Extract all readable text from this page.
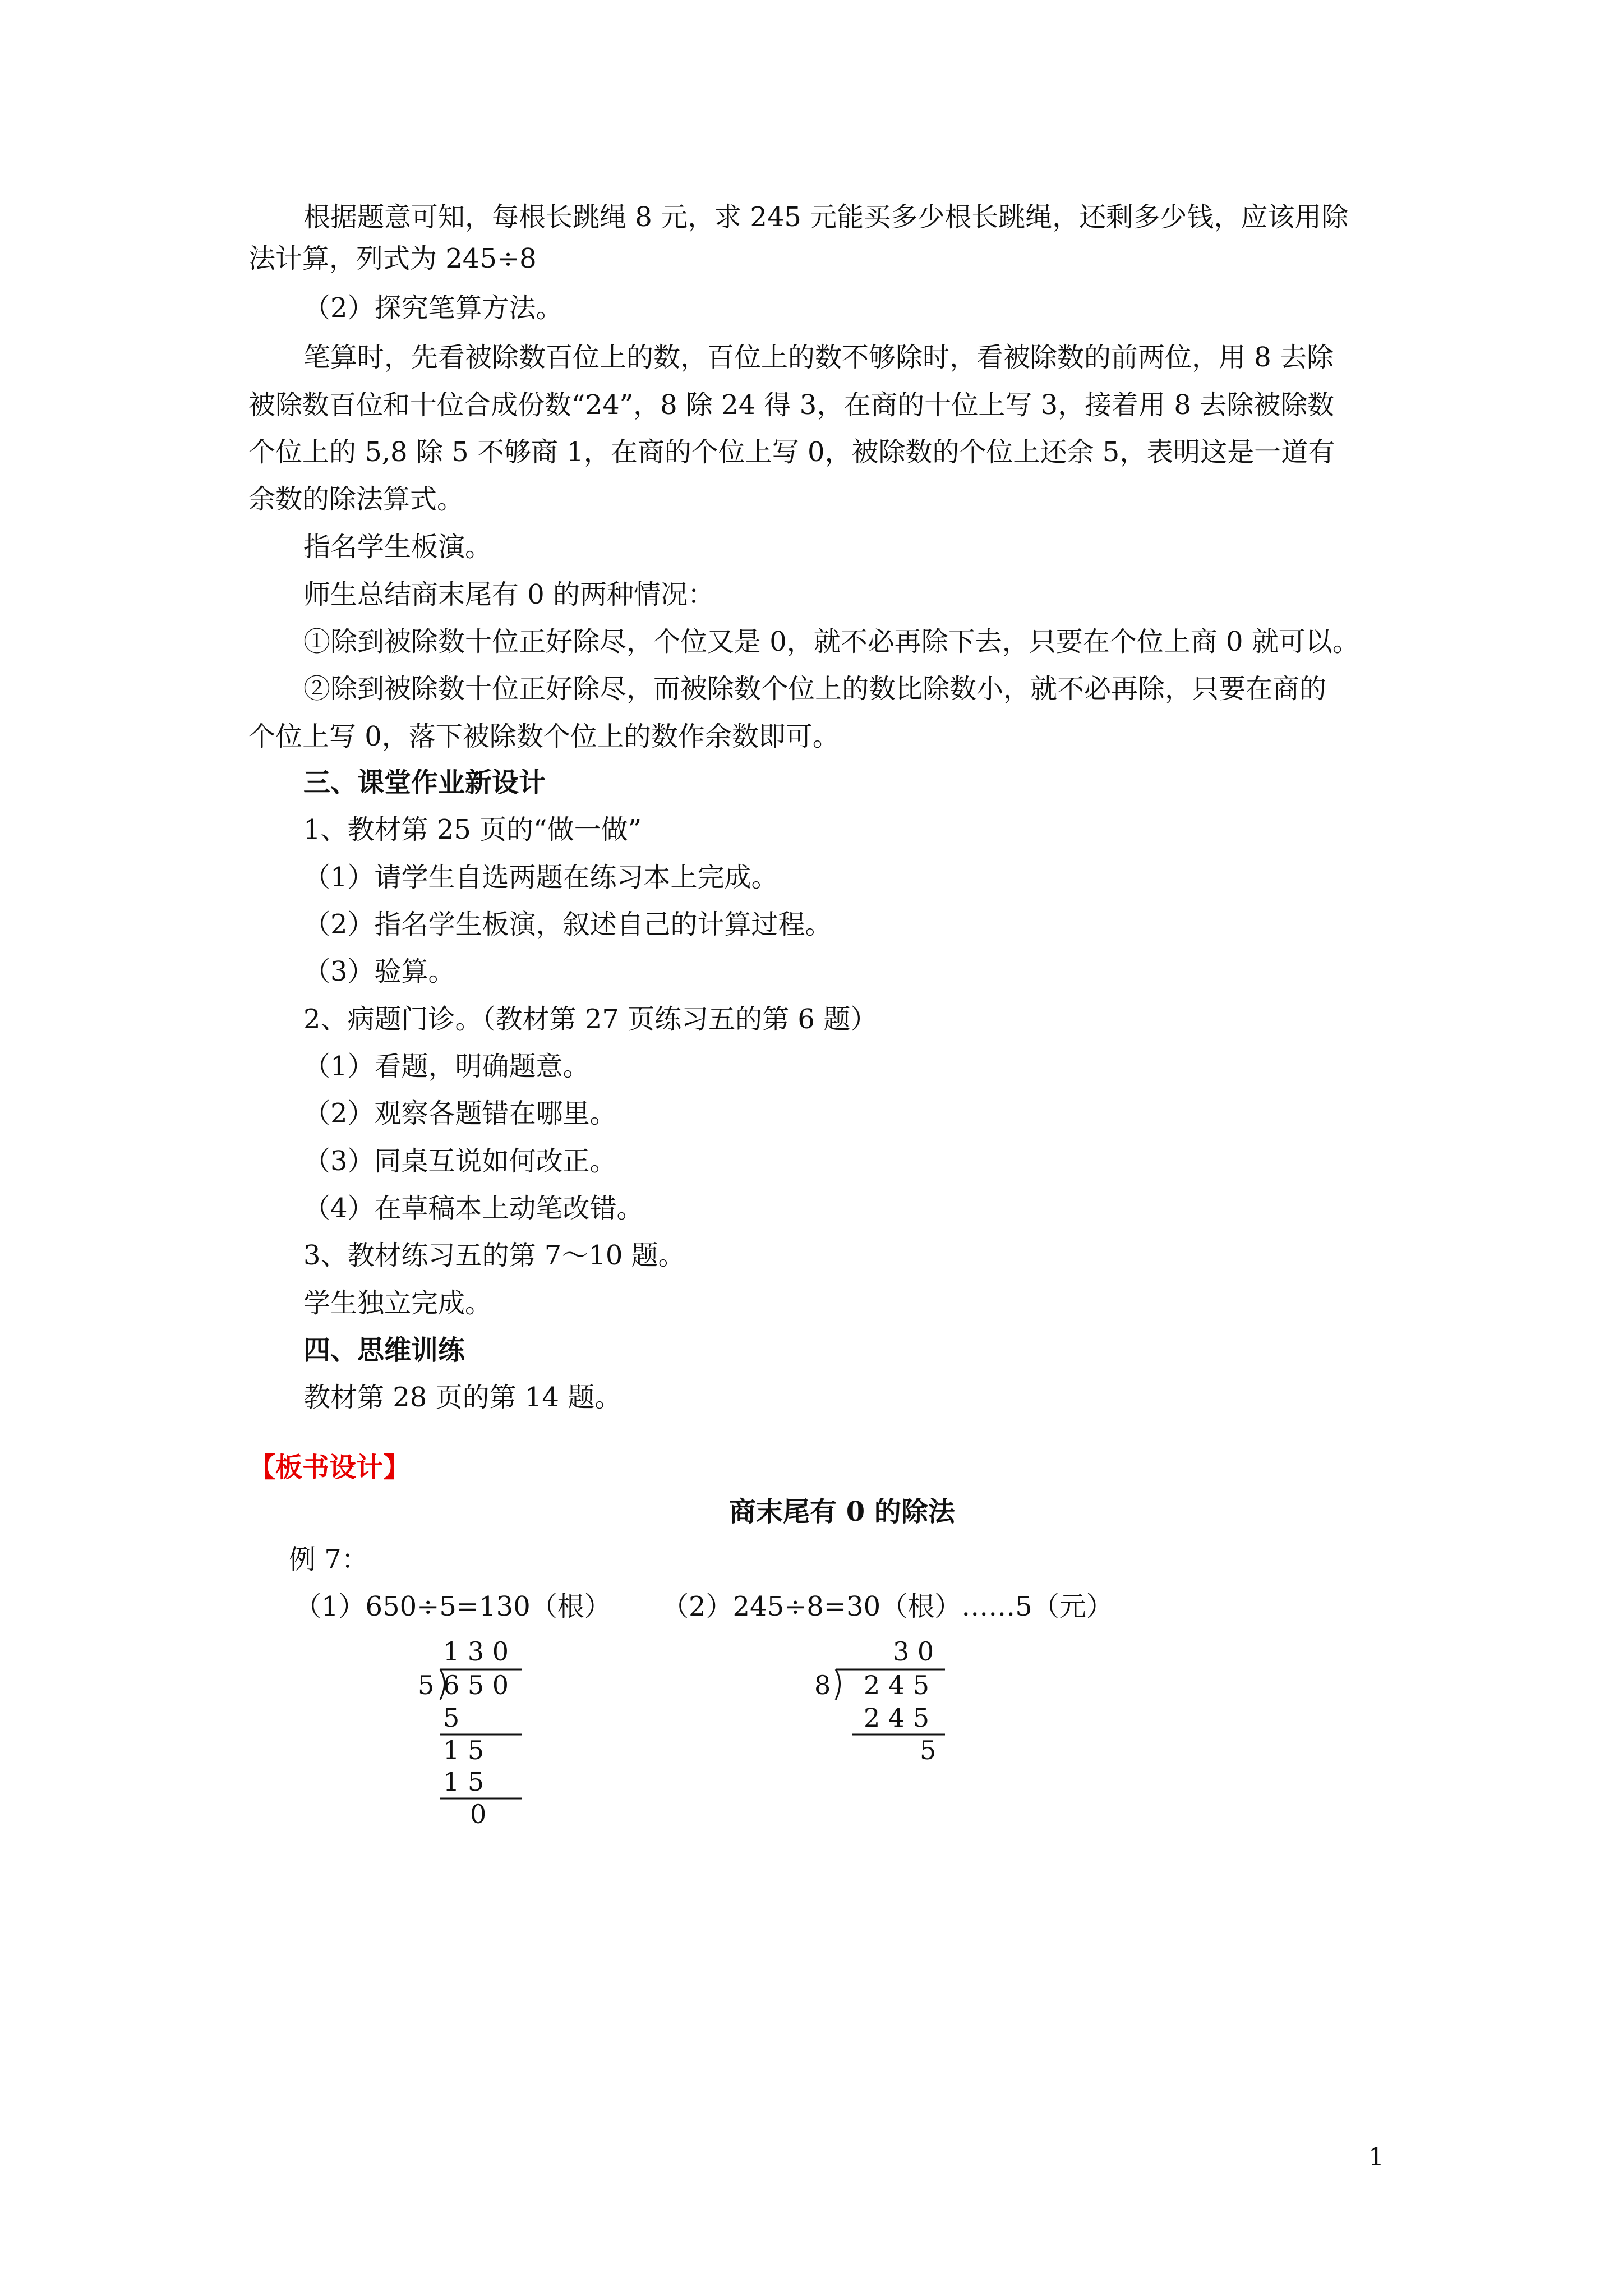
根据题意可知，每根长跳绳 8 元，求 245 元能买多少根长跳绳，还剩多少钱，应该用除
法计算，列式为 245÷8
（2）探究笔算方法。
笔算时，先看被除数百位上的数，百位上的数不够除时，看被除数的前两位，用 8 去除
被除数百位和十位合成份数“24”，8 除 24 得 3，在商的十位上写 3，接着用 8 去除被除数
个位上的 5,8 除 5 不够商 1，在商的个位上写 0，被除数的个位上还余 5，表明这是一道有
余数的除法算式。
指名学生板演。
师生总结商末尾有 0 的两种情况：
①除到被除数十位正好除尽，个位又是 0，就不必再除下去，只要在个位上商 0 就可以。
②除到被除数十位正好除尽，而被除数个位上的数比除数小，就不必再除，只要在商的
个位上写 0，落下被除数个位上的数作余数即可。
三、课堂作业新设计
1、教材第 25 页的“做一做”
（1）请学生自选两题在练习本上完成。
（2）指名学生板演，叙述自己的计算过程。
（3）验算。
2、病题门诊。（教材第 27 页练习五的第 6 题）
（1）看题，明确题意。
（2）观察各题错在哪里。
（3）同桌互说如何改正。
（4）在草稿本上动笔改错。
3、教材练习五的第 7～10 题。
学生独立完成。
四、思维训练
教材第 28 页的第 14 题。
【板书设计】
商末尾有 0 的除法
例 7：
（1）650÷5=130（根） （2）245÷8=30（根）……5（元）
1 3 0
5 6 5 0
5
1 5
1 5
0
3 0
8 2 4 5
2 4 5
5
1
